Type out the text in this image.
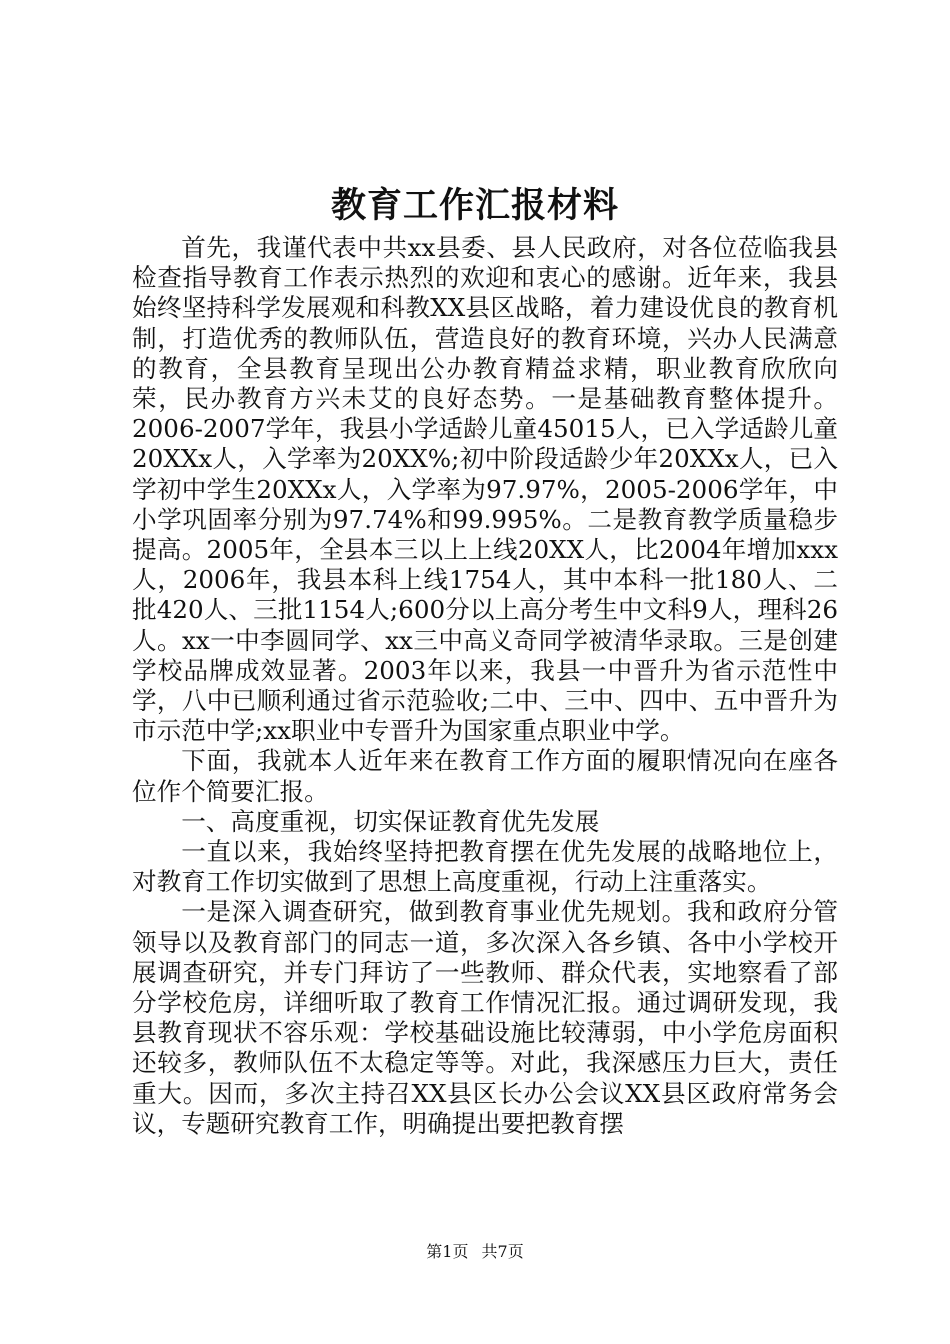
教育工作汇报材料

首先，我谨代表中共xx县委、县人民政府，对各位莅临我县检查指导教育工作表示热烈的欢迎和衷心的感谢。近年来，我县始终坚持科学发展观和科教XX县区战略，着力建设优良的教育机制，打造优秀的教师队伍，营造良好的教育环境，兴办人民满意的教育，全县教育呈现出公办教育精益求精，职业教育欣欣向荣，民办教育方兴未艾的良好态势。一是基础教育整体提升。2006-2007学年，我县小学适龄儿童45015人，已入学适龄儿童20XXx人，入学率为20XX%;初中阶段适龄少年20XXx人，已入学初中学生20XXx人，入学率为97.97%，2005-2006学年，中小学巩固率分别为97.74%和99.995%。二是教育教学质量稳步提高。2005年，全县本三以上上线20XX人，比2004年增加xxx人，2006年，我县本科上线1754人，其中本科一批180人、二批420人、三批1154人;600分以上高分考生中文科9人，理科26人。xx一中李圆同学、xx三中高义奇同学被清华录取。三是创建学校品牌成效显著。2003年以来，我县一中晋升为省示范性中学，八中已顺利通过省示范验收;二中、三中、四中、五中晋升为市示范中学;xx职业中专晋升为国家重点职业中学。

下面，我就本人近年来在教育工作方面的履职情况向在座各位作个简要汇报。

一、高度重视，切实保证教育优先发展

一直以来，我始终坚持把教育摆在优先发展的战略地位上，对教育工作切实做到了思想上高度重视，行动上注重落实。

一是深入调查研究，做到教育事业优先规划。我和政府分管领导以及教育部门的同志一道，多次深入各乡镇、各中小学校开展调查研究，并专门拜访了一些教师、群众代表，实地察看了部分学校危房，详细听取了教育工作情况汇报。通过调研发现，我县教育现状不容乐观：学校基础设施比较薄弱，中小学危房面积还较多，教师队伍不太稳定等等。对此，我深感压力巨大，责任重大。因而，多次主持召XX县区长办公会议XX县区政府常务会议，专题研究教育工作，明确提出要把教育摆

第1页 共7页
